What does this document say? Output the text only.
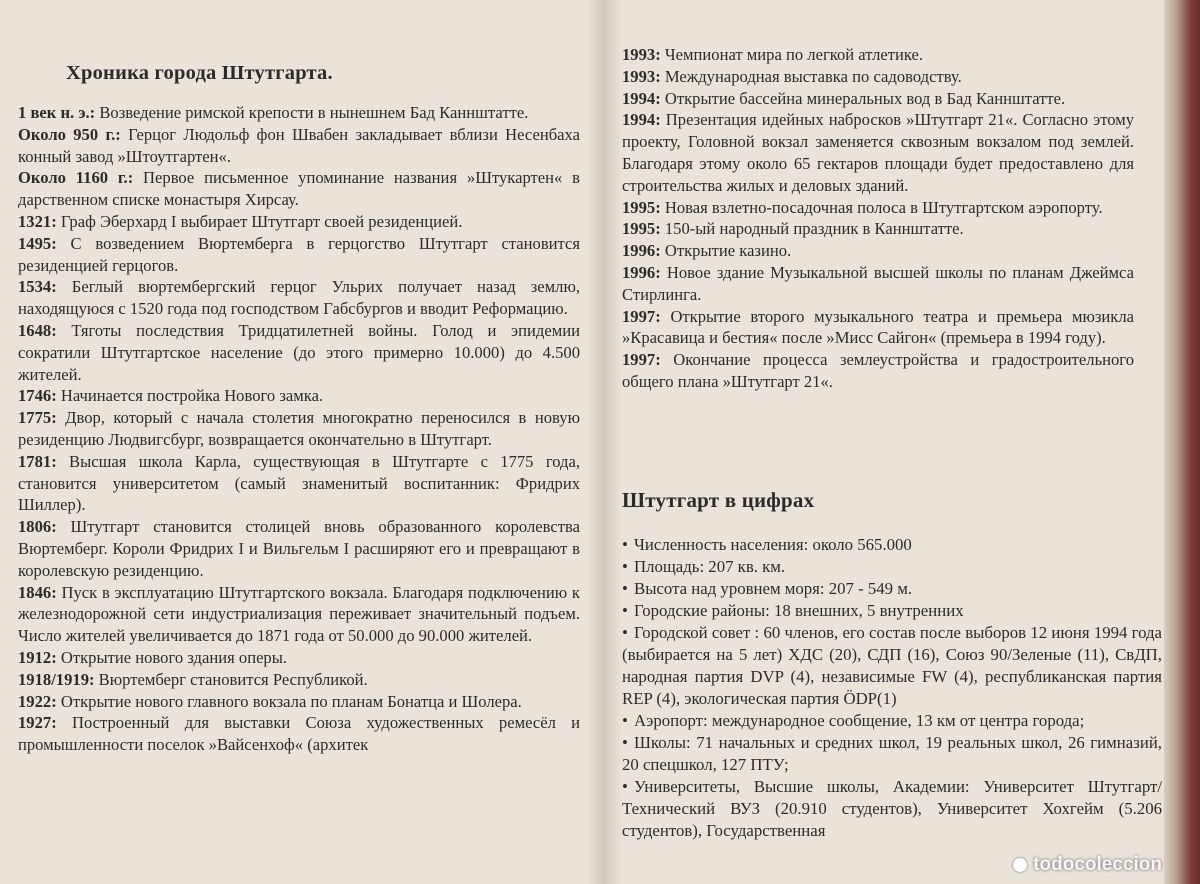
Хроника города Штутгарта.

1 век н. э.: Возведение римской крепости в нынешнем Бад Каннштатте.

Около 950 г.: Герцог Людольф фон Швабен закладывает вблизи Несенбаха конный завод »Штоутгартен«.

Около 1160 г.: Первое письменное упоминание названия »Штукартен« в дарственном списке монастыря Хирсау.

1321: Граф Эберхард I выбирает Штутгарт своей резиденцией.

1495: С возведением Вюртемберга в герцогство Штутгарт становится резиденцией герцогов.

1534: Беглый вюртембергский герцог Ульрих получает назад землю, находящуюся с 1520 года под господством Габсбургов и вводит Реформацию.

1648: Тяготы последствия Тридцатилетней войны. Голод и эпидемии сократили Штутгартское население (до этого примерно 10.000) до 4.500 жителей.

1746: Начинается постройка Нового замка.

1775: Двор, который с начала столетия многократно переносился в новую резиденцию Людвигсбург, возвращается окончательно в Штутгарт.

1781: Высшая школа Карла, существующая в Штутгарте с 1775 года, становится университетом (самый знаменитый воспитанник: Фридрих Шиллер).

1806: Штутгарт становится столицей вновь образованного королевства Вюртемберг. Короли Фридрих I и Вильгельм I расширяют его и превращают в королевскую резиденцию.

1846: Пуск в эксплуатацию Штутгартского вокзала. Благодаря подключению к железнодорожной сети индустриализация переживает значительный подъем. Число жителей увеличивается до 1871 года от 50.000 до 90.000 жителей.

1912: Открытие нового здания оперы.

1918/1919: Вюртемберг становится Республикой.

1922: Открытие нового главного вокзала по планам Бонатца и Шолера.

1927: Построенный для выставки Союза художественных ремесёл и промышленности поселок »Вайсенхоф« (архитек

1993: Чемпионат мира по легкой атлетике.

1993: Международная выставка по садоводству.

1994: Открытие бассейна минеральных вод в Бад Каннштатте.

1994: Презентация идейных набросков »Штутгарт 21«. Согласно этому проекту, Головной вокзал заменяется сквозным вокзалом под землей. Благодаря этому около 65 гектаров площади будет предоставлено для строительства жилых и деловых зданий.

1995: Новая взлетно-посадочная полоса в Штутгартском аэропорту.

1995: 150-ый народный праздник в Каннштатте.

1996: Открытие казино.

1996: Новое здание Музыкальной высшей школы по планам Джеймса Стирлинга.

1997: Открытие второго музыкального театра и премьера мюзикла »Красавица и бестия« после »Мисс Сайгон« (премьера в 1994 году).

1997: Окончание процесса землеустройства и градостроительного общего плана »Штутгарт 21«.

Штутгарт в цифрах

• Численность населения: около 565.000

• Площадь: 207 кв. км.

• Высота над уровнем моря: 207 - 549 м.

• Городские районы: 18 внешних, 5 внутренних

• Городской совет : 60 членов, его состав после выборов 12 июня 1994 года (выбирается на 5 лет) ХДС (20), СДП (16), Союз 90/Зеленые (11), СвДП, народная партия DVP (4), независимые FW (4), республиканская партия REP (4), экологическая партия ÖDP(1)

• Аэропорт: международное сообщение, 13 км от центра города;

• Школы: 71 начальных и средних школ, 19 реальных школ, 26 гимназий, 20 спецшкол, 127 ПТУ;

• Университеты, Высшие школы, Академии: Университет Штутгарт/Технический ВУЗ (20.910 студентов), Университет Хохгейм (5.206 студентов), Государственная

todocoleccion
